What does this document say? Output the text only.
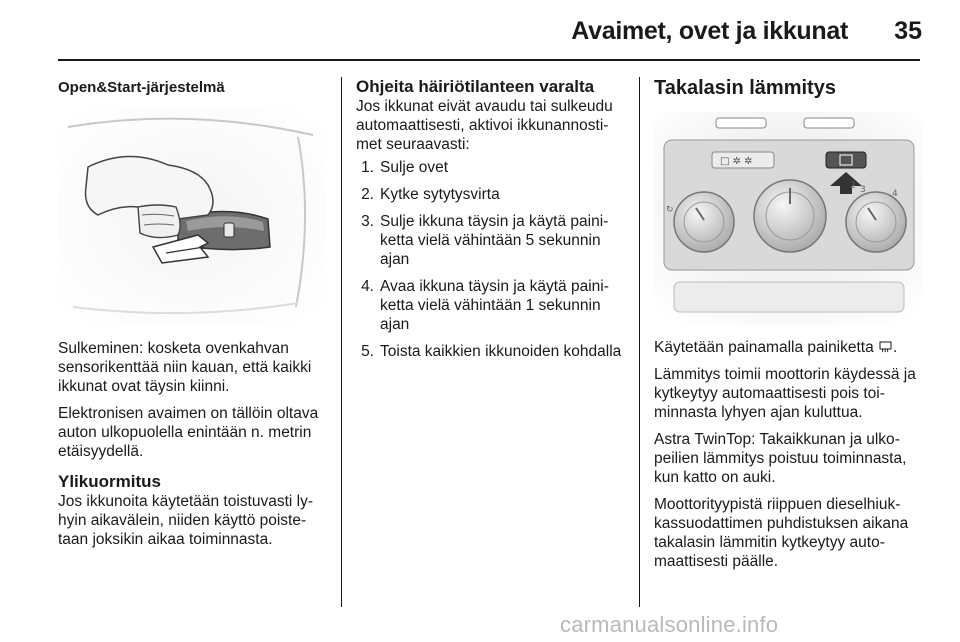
Avaimet, ovet ja ikkunat 35
Open&Start-järjestelmä

Sulkeminen: kosketa ovenkahvan sensorikenttää niin kauan, että kaikki ikkunat ovat täysin kiinni.

Elektronisen avaimen on tällöin oltava auton ulkopuolella enintään n. metrin etäisyydellä.

Ylikuormitus

Jos ikkunoita käytetään toistuvasti lyhyin aikavälein, niiden käyttö poistetaan joksikin aikaa toiminnasta.

Ohjeita häiriötilanteen varalta

Jos ikkunat eivät avaudu tai sulkeudu automaattisesti, aktivoi ikkunannostimet seuraavasti:

1. Sulje ovet
2. Kytke sytytysvirta
3. Sulje ikkuna täysin ja käytä painiketta vielä vähintään 5 sekunnin ajan
4. Avaa ikkuna täysin ja käytä painiketta vielä vähintään 1 sekunnin ajan
5. Toista kaikkien ikkunoiden kohdalla
Takalasin lämmitys
□ ✲ ✲
↻
4
2 3

Käytetään painamalla painiketta .

Lämmitys toimii moottorin käydessä ja kytkeytyy automaattisesti pois toiminnasta lyhyen ajan kuluttua.

Astra TwinTop: Takaikkunan ja ulkopeilien lämmitys poistuu toiminnasta, kun katto on auki.

Moottorityypistä riippuen dieselhiukkassuodattimen puhdistuksen aikana takalasin lämmitin kytkeytyy automaattisesti päälle.

carmanualsonline.info
